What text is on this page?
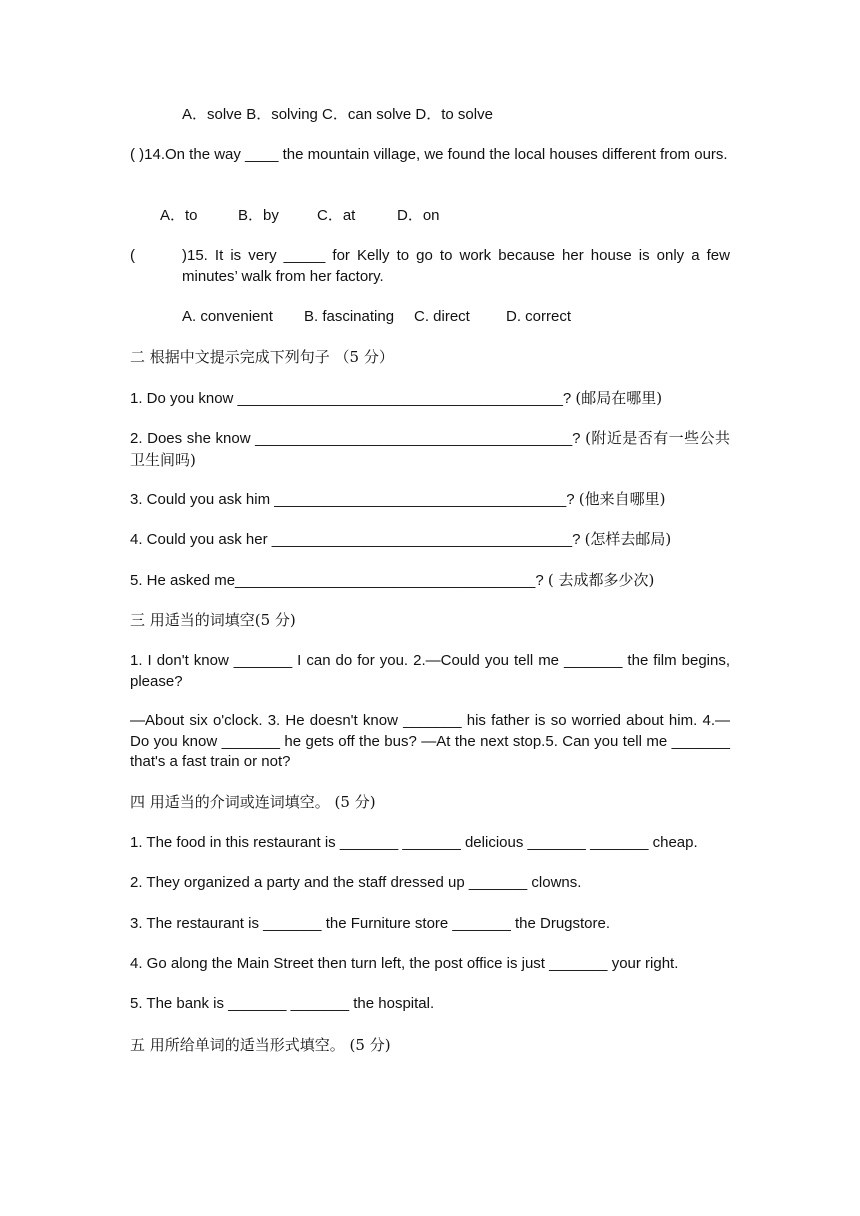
A．solve B．solving C．can solve D．to solve
( )14.On the way ____ the mountain village, we found the local houses different from ours.
A．to	B．by	C．at	D．on
(	)15. It is very _____ for Kelly to go to work because her house is only a few
minutes’ walk from her factory.
A. convenient B. fascinating C. direct D. correct
二 根据中文提示完成下列句子 （5 分）
1. Do you know _______________________________________? (邮局在哪里)
2. Does she know ______________________________________? (附近是否有一些公共卫生间吗)
3. Could you ask him ___________________________________? (他来自哪里)
4. Could you ask her ____________________________________? (怎样去邮局)
5. He asked me____________________________________? ( 去成都多少次)
三 用适当的词填空(5 分)
1. I don't know _______ I can do for you. 2.—Could you tell me _______ the film begins, please?
—About six o'clock. 3. He doesn't know _______ his father is so worried about him. 4.—Do you know _______ he gets off the bus? —At the next stop.5. Can you tell me _______ that's a fast train or not?
四 用适当的介词或连词填空。 (5 分)
1. The food in this restaurant is _______ _______ delicious _______ _______ cheap.
2. They organized a party and the staff dressed up _______ clowns.
3. The restaurant is _______ the Furniture store _______ the Drugstore.
4. Go along the Main Street then turn left, the post office is just _______ your right.
5. The bank is _______ _______ the hospital.
五 用所给单词的适当形式填空。 (5 分)
